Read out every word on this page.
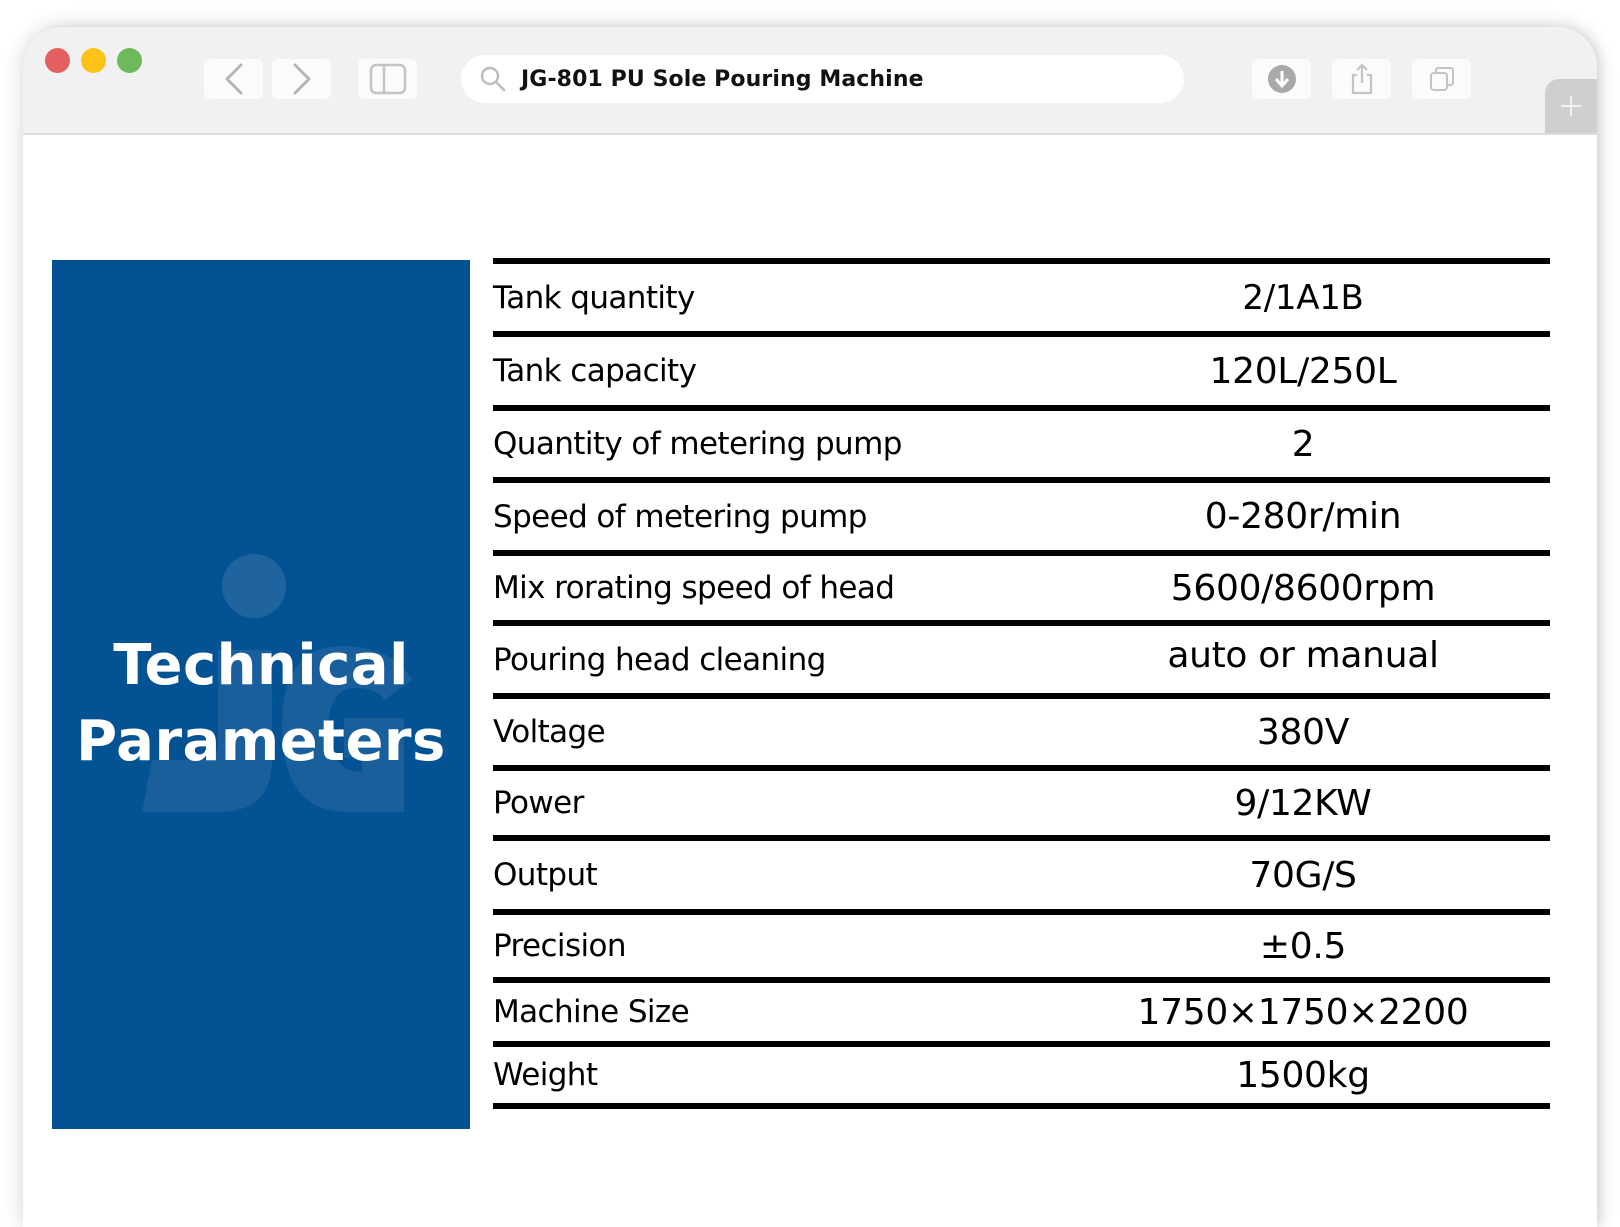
JG-801 PU Sole Pouring Machine
Technical
Parameters
Tank quantity	2/1A1B
Tank capacity	120L/250L
Quantity of metering pump	2
Speed of metering pump	0-280r/min
Mix rorating speed of head	5600/8600rpm
Pouring head cleaning	auto or manual
Voltage	380V
Power	9/12KW
Output	70G/S
Precision	±0.5
Machine Size	1750×1750×2200
Weight	1500kg
